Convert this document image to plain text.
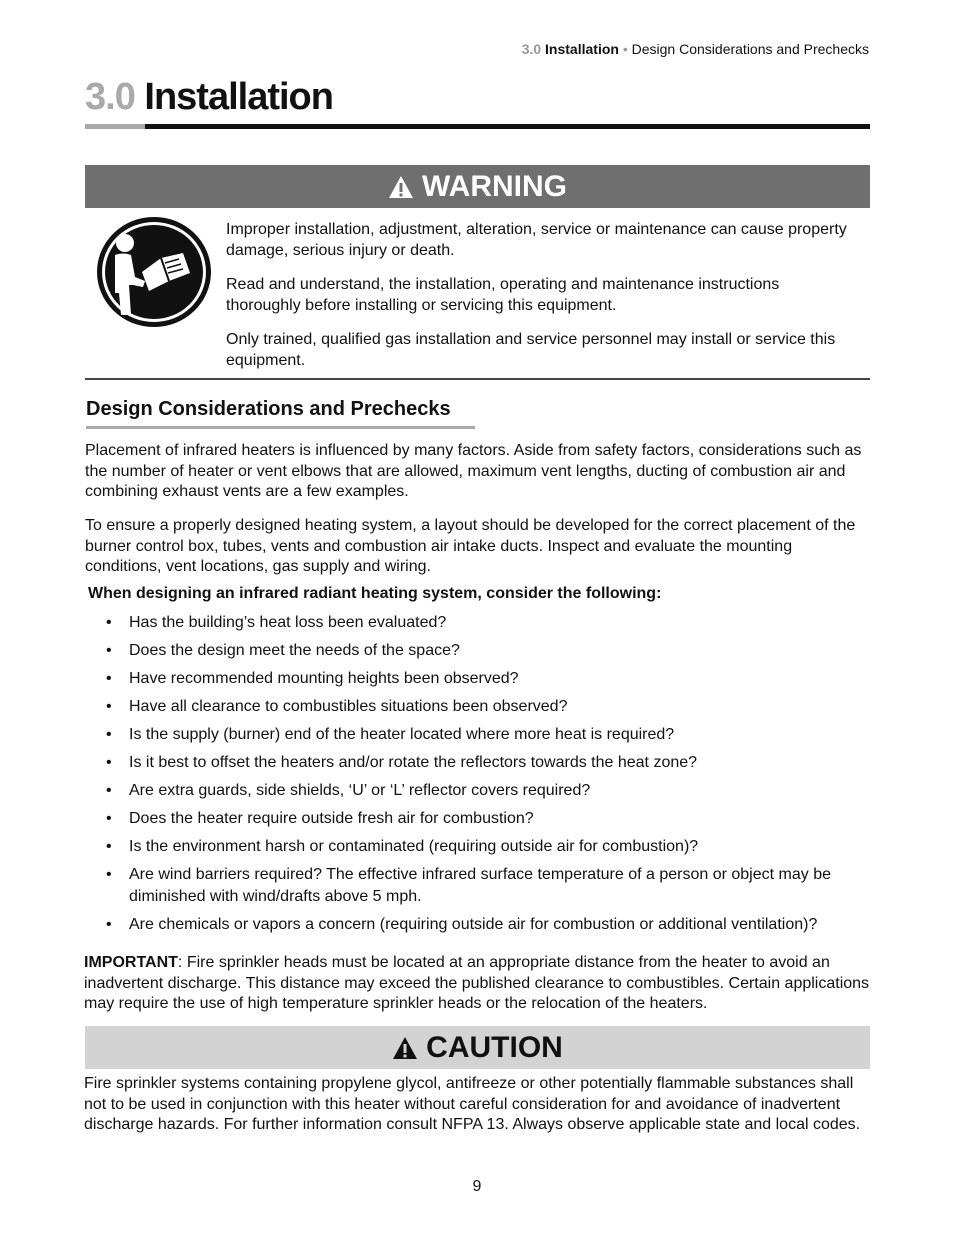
3.0 Installation • Design Considerations and Prechecks
3.0 Installation
WARNING

Improper installation, adjustment, alteration, service or maintenance can cause property damage, serious injury or death.

Read and understand, the installation, operating and maintenance instructions thoroughly before installing or servicing this equipment.

Only trained, qualified gas installation and service personnel may install or service this equipment.

Design Considerations and Prechecks

Placement of infrared heaters is influenced by many factors. Aside from safety factors, considerations such as the number of heater or vent elbows that are allowed, maximum vent lengths, ducting of combustion air and combining exhaust vents are a few examples.

To ensure a properly designed heating system, a layout should be developed for the correct placement of the burner control box, tubes, vents and combustion air intake ducts. Inspect and evaluate the mounting conditions, vent locations, gas supply and wiring.

When designing an infrared radiant heating system, consider the following:

• Has the building’s heat loss been evaluated?
• Does the design meet the needs of the space?
• Have recommended mounting heights been observed?
• Have all clearance to combustibles situations been observed?
• Is the supply (burner) end of the heater located where more heat is required?
• Is it best to offset the heaters and/or rotate the reflectors towards the heat zone?
• Are extra guards, side shields, ‘U’ or ‘L’ reflector covers required?
• Does the heater require outside fresh air for combustion?
• Is the environment harsh or contaminated (requiring outside air for combustion)?
• Are wind barriers required? The effective infrared surface temperature of a person or object may be diminished with wind/drafts above 5 mph.
• Are chemicals or vapors a concern (requiring outside air for combustion or additional ventilation)?

IMPORTANT: Fire sprinkler heads must be located at an appropriate distance from the heater to avoid an inadvertent discharge. This distance may exceed the published clearance to combustibles. Certain applications may require the use of high temperature sprinkler heads or the relocation of the heaters.

CAUTION

Fire sprinkler systems containing propylene glycol, antifreeze or other potentially flammable substances shall not to be used in conjunction with this heater without careful consideration for and avoidance of inadvertent discharge hazards. For further information consult NFPA 13. Always observe applicable state and local codes.

9
